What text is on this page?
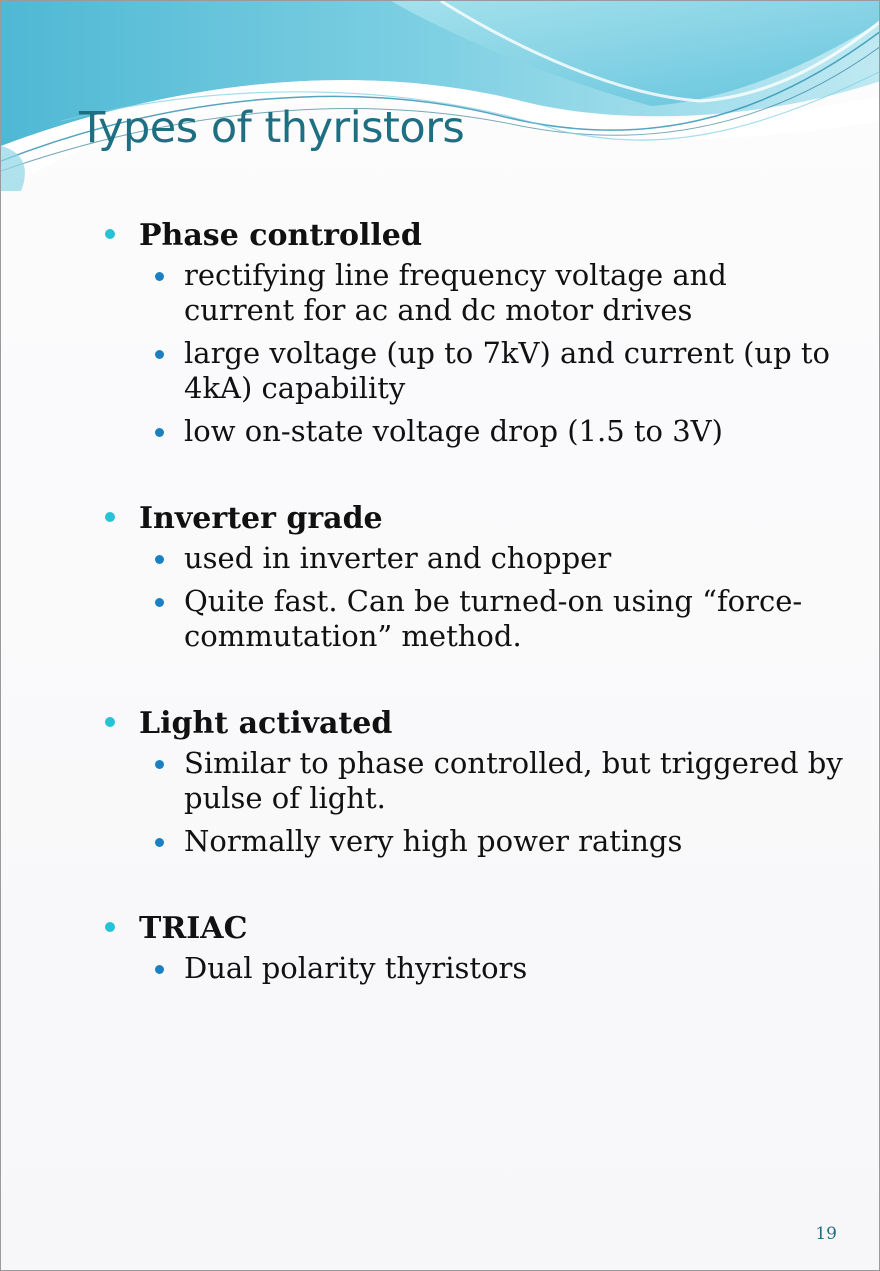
Types of thyristors
Phase controlled
rectifying line frequency voltage and current for ac and dc motor drives
large voltage (up to 7kV) and current (up to 4kA) capability
low on-state voltage drop (1.5 to 3V)
Inverter grade
used in inverter and chopper
Quite fast. Can be turned-on using “force-commutation” method.
Light activated
Similar to phase controlled, but triggered by pulse of light.
Normally very high power ratings
TRIAC
Dual polarity thyristors
19
